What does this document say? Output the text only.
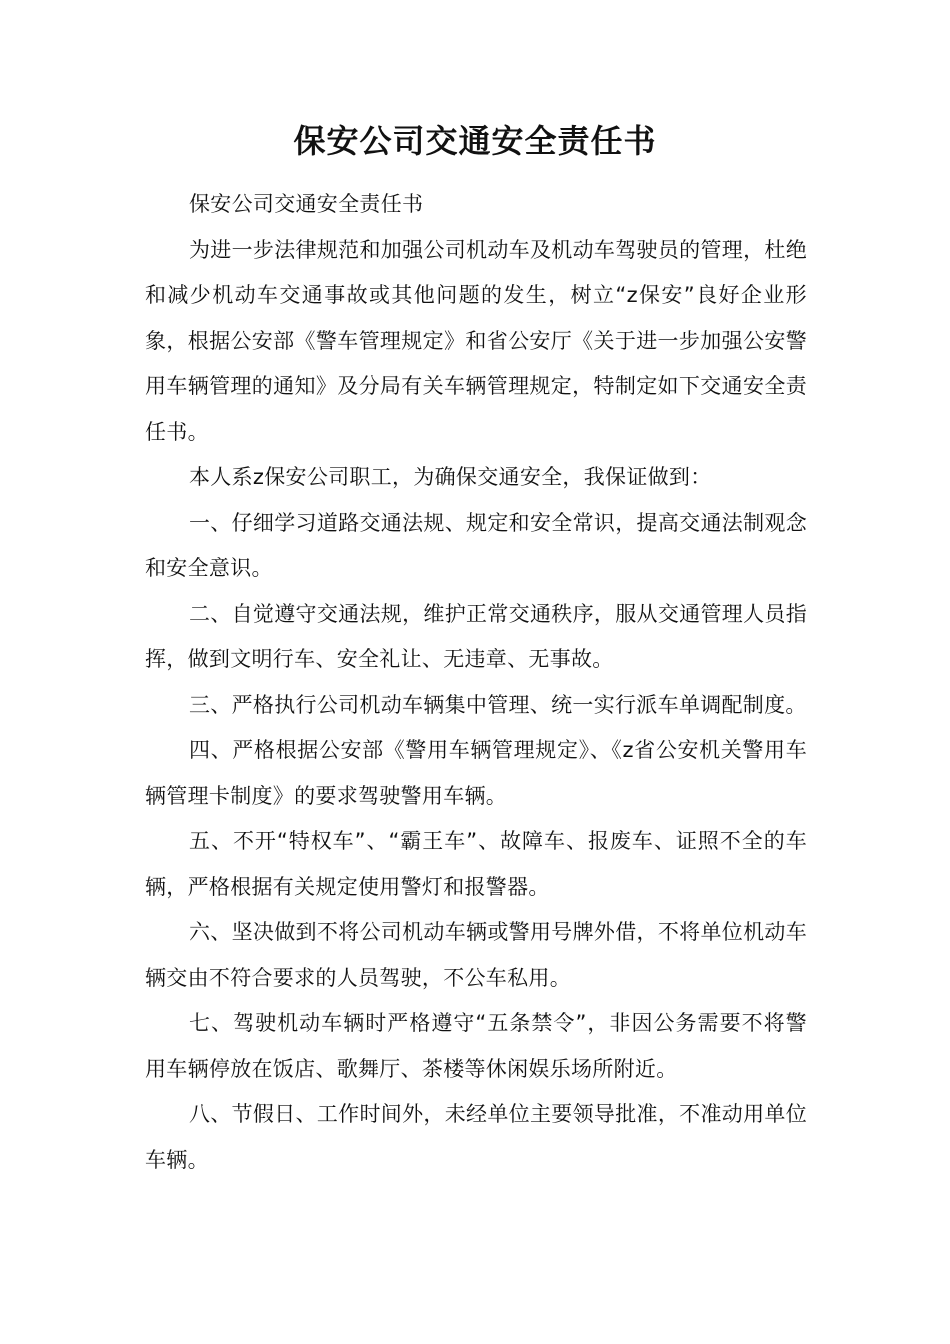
保安公司交通安全责任书

保安公司交通安全责任书

为进一步法律规范和加强公司机动车及机动车驾驶员的管理，杜绝和减少机动车交通事故或其他问题的发生，树立“z保安”良好企业形象，根据公安部《警车管理规定》和省公安厅《关于进一步加强公安警用车辆管理的通知》及分局有关车辆管理规定，特制定如下交通安全责任书。

本人系z保安公司职工，为确保交通安全，我保证做到：

一、仔细学习道路交通法规、规定和安全常识，提高交通法制观念和安全意识。

二、自觉遵守交通法规，维护正常交通秩序，服从交通管理人员指挥，做到文明行车、安全礼让、无违章、无事故。

三、严格执行公司机动车辆集中管理、统一实行派车单调配制度。

四、严格根据公安部《警用车辆管理规定》、《z省公安机关警用车辆管理卡制度》的要求驾驶警用车辆。

五、不开“特权车”、“霸王车”、故障车、报废车、证照不全的车辆，严格根据有关规定使用警灯和报警器。

六、坚决做到不将公司机动车辆或警用号牌外借，不将单位机动车辆交由不符合要求的人员驾驶，不公车私用。

七、驾驶机动车辆时严格遵守“五条禁令”，非因公务需要不将警用车辆停放在饭店、歌舞厅、茶楼等休闲娱乐场所附近。

八、节假日、工作时间外，未经单位主要领导批准，不准动用单位车辆。
